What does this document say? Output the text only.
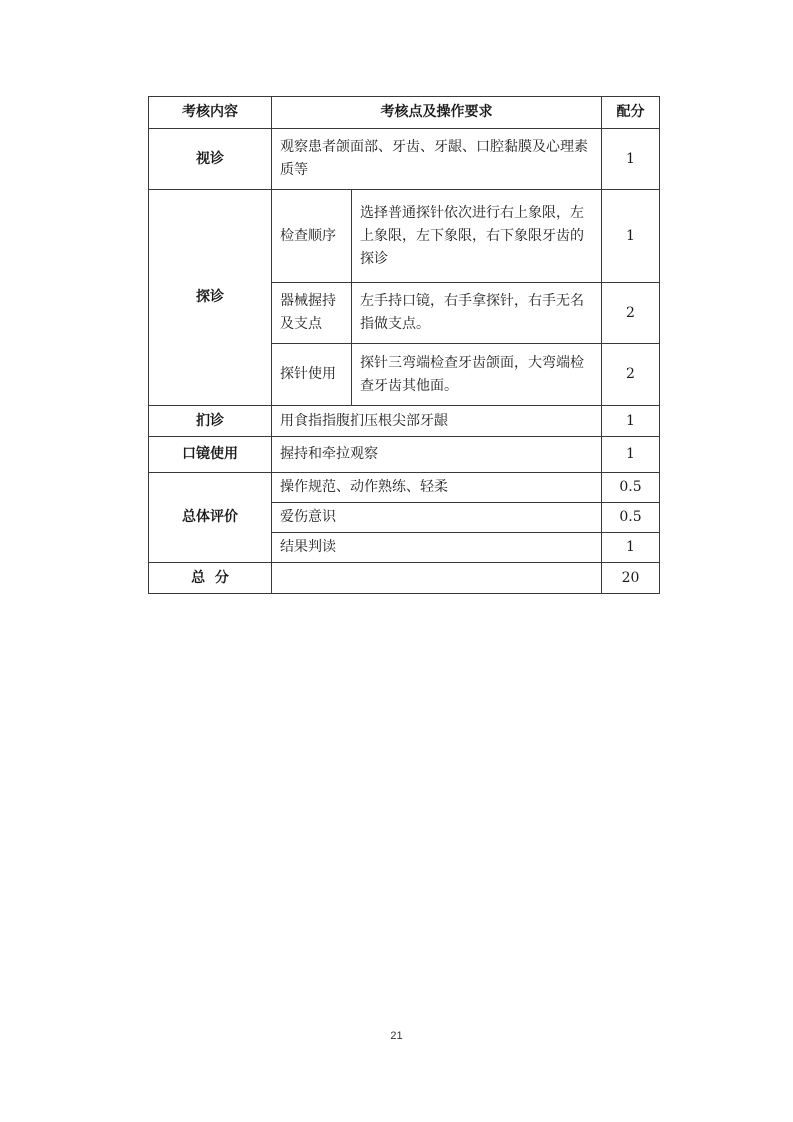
考核内容	考核点及操作要求		配分
视诊	观察患者颌面部、牙齿、牙龈、口腔黏膜及心理素质等		1
探诊	检查顺序	选择普通探针依次进行右上象限，左上象限，左下象限，右下象限牙齿的探诊	1
	器械握持及支点	左手持口镜，右手拿探针，右手无名指做支点。	2
	探针使用	探针三弯端检查牙齿颌面，大弯端检查牙齿其他面。	2
扪诊	用食指指腹扪压根尖部牙龈		1
口镜使用	握持和牵拉观察		1
总体评价	操作规范、动作熟练、轻柔		0.5
	爱伤意识		0.5
	结果判读		1
总  分			20
21
